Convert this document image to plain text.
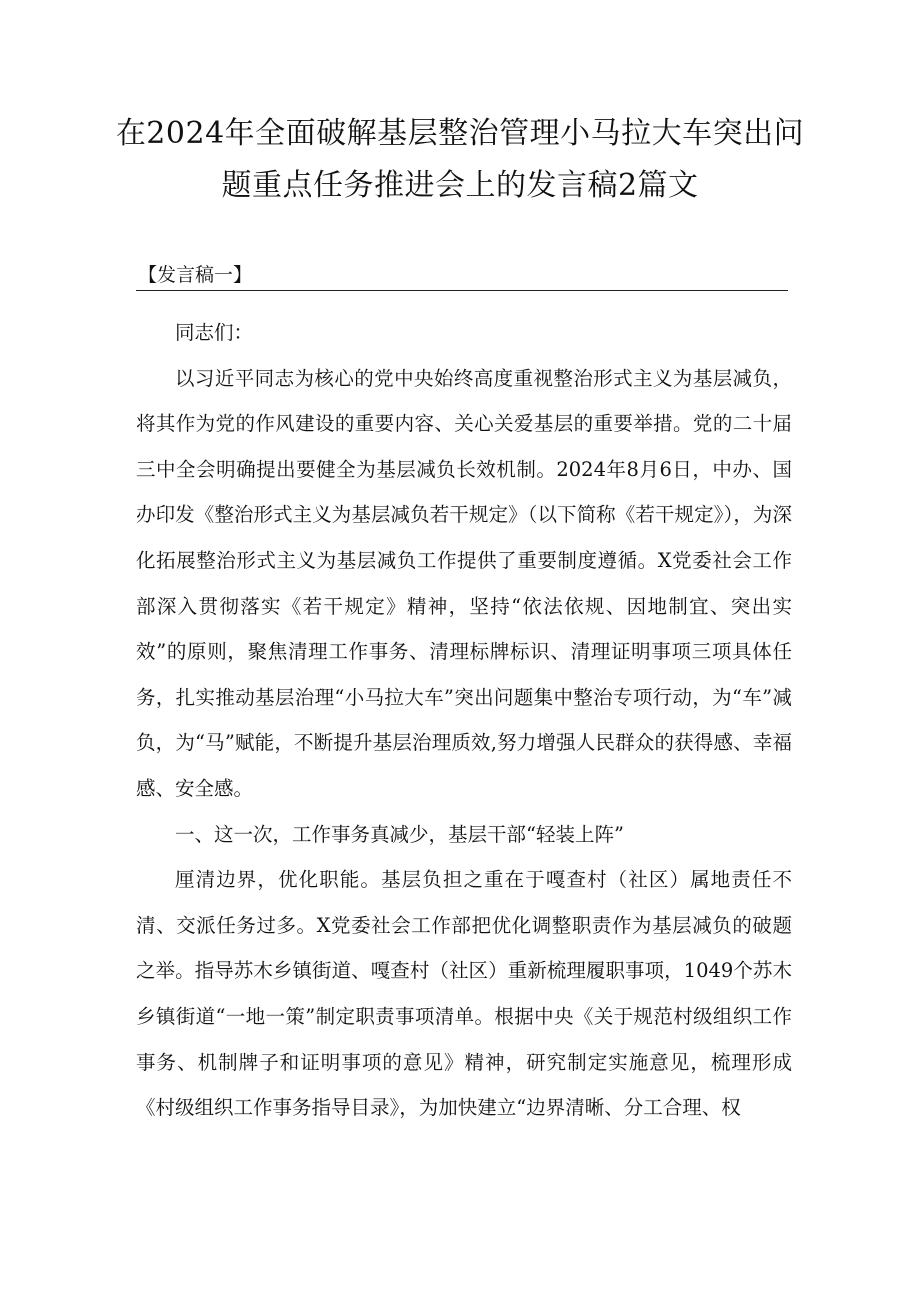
在2024年全面破解基层整治管理小马拉大车突出问题重点任务推进会上的发言稿2篇文
【发言稿一】

同志们：

以习近平同志为核心的党中央始终高度重视整治形式主义为基层减负，将其作为党的作风建设的重要内容、关心关爱基层的重要举措。党的二十届三中全会明确提出要健全为基层减负长效机制。2024年8月6日，中办、国办印发《整治形式主义为基层减负若干规定》（以下简称《若干规定》），为深化拓展整治形式主义为基层减负工作提供了重要制度遵循。X党委社会工作部深入贯彻落实《若干规定》精神，坚持“依法依规、因地制宜、突出实效”的原则，聚焦清理工作事务、清理标牌标识、清理证明事项三项具体任务，扎实推动基层治理“小马拉大车”突出问题集中整治专项行动，为“车”减负，为“马”赋能，不断提升基层治理质效,努力增强人民群众的获得感、幸福感、安全感。

一、这一次，工作事务真减少，基层干部“轻装上阵”

厘清边界，优化职能。基层负担之重在于嘎查村（社区）属地责任不清、交派任务过多。X党委社会工作部把优化调整职责作为基层减负的破题之举。指导苏木乡镇街道、嘎查村（社区）重新梳理履职事项，1049个苏木乡镇街道“一地一策”制定职责事项清单。根据中央《关于规范村级组织工作事务、机制牌子和证明事项的意见》精神，研究制定实施意见，梳理形成《村级组织工作事务指导目录》，为加快建立“边界清晰、分工合理、权
